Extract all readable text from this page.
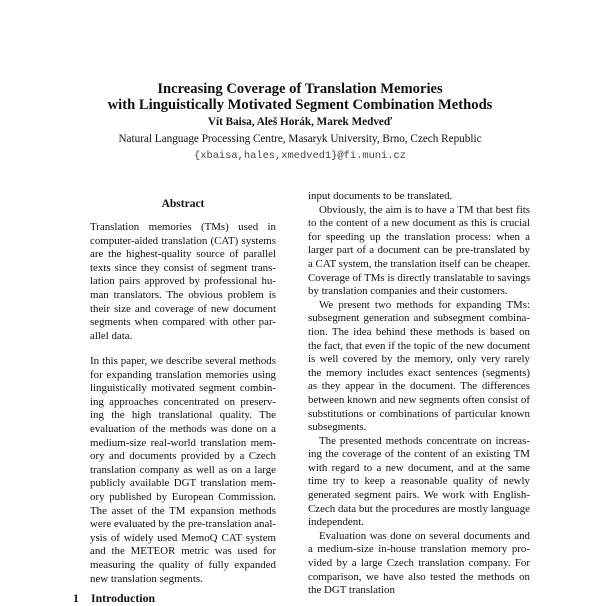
Increasing Coverage of Translation Memories
with Linguistically Motivated Segment Combination Methods
Vít Baisa, Aleš Horák, Marek Medveď
Natural Language Processing Centre, Masaryk University, Brno, Czech Republic
{xbaisa,hales,xmedved1}@fi.muni.cz
Abstract
Translation memories (TMs) used in
computer-aided translation (CAT) systems
are the highest-quality source of parallel
texts since they consist of segment trans-
lation pairs approved by professional hu-
man translators. The obvious problem is
their size and coverage of new document
segments when compared with other par-
allel data.
In this paper, we describe several methods
for expanding translation memories using
linguistically motivated segment combin-
ing approaches concentrated on preserv-
ing the high translational quality. The
evaluation of the methods was done on a
medium-size real-world translation mem-
ory and documents provided by a Czech
translation company as well as on a large
publicly available DGT translation mem-
ory published by European Commission.
The asset of the TM expansion methods
were evaluated by the pre-translation anal-
ysis of widely used MemoQ CAT system
and the METEOR metric was used for
measuring the quality of fully expanded
new translation segments.
1 Introduction
input documents to be translated.
Obviously, the aim is to have a TM that best fits
to the content of a new document as this is crucial
for speeding up the translation process: when a
larger part of a document can be pre-translated by
a CAT system, the translation itself can be cheaper.
Coverage of TMs is directly translatable to savings
by translation companies and their customers.
We present two methods for expanding TMs:
subsegment generation and subsegment combina-
tion. The idea behind these methods is based on
the fact, that even if the topic of the new document
is well covered by the memory, only very rarely
the memory includes exact sentences (segments)
as they appear in the document. The differences
between known and new segments often consist of
substitutions or combinations of particular known
subsegments.
The presented methods concentrate on increas-
ing the coverage of the content of an existing TM
with regard to a new document, and at the same
time try to keep a reasonable quality of newly
generated segment pairs. We work with English-
Czech data but the procedures are mostly language
independent.
Evaluation was done on several documents and
a medium-size in-house translation memory pro-
vided by a large Czech translation company. For
comparison, we have also tested the methods on
the DGT translation
